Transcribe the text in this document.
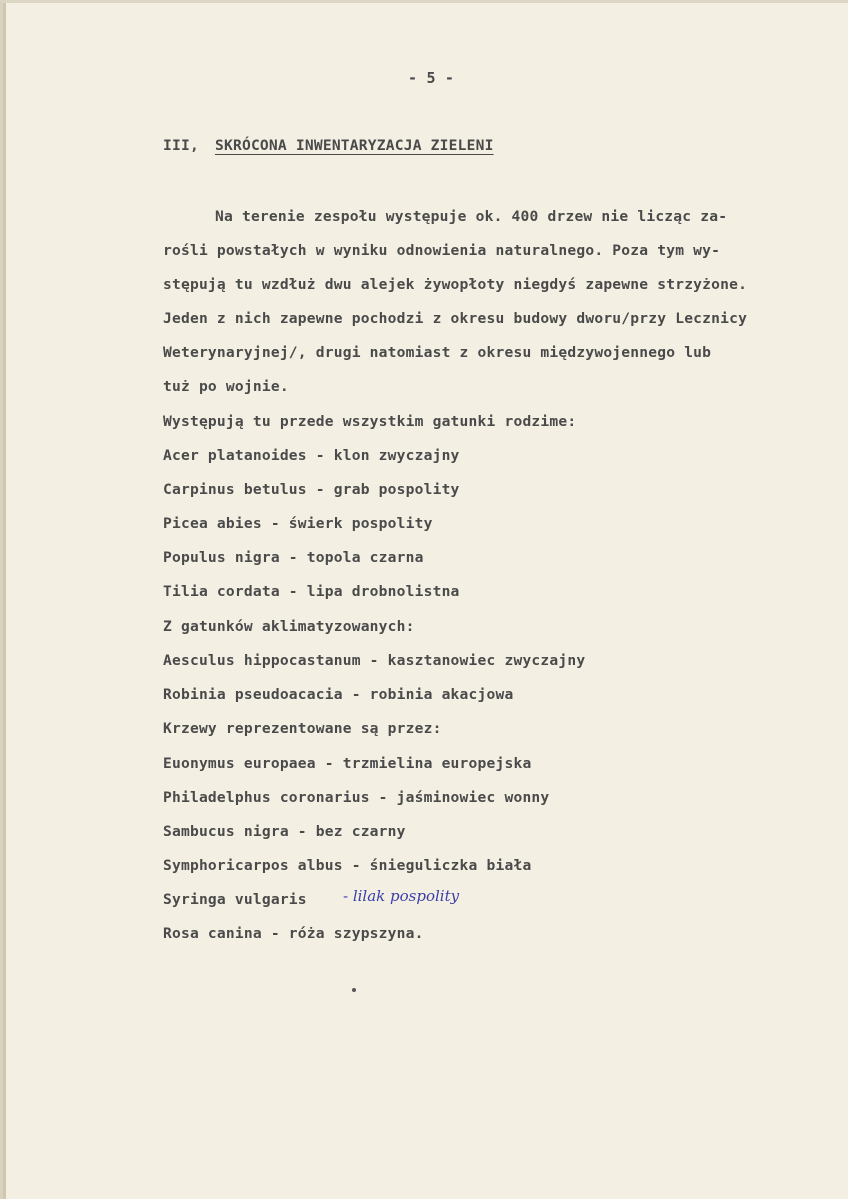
- 5 -
III, SKRÓCONA INWENTARYZACJA ZIELENI
Na terenie zespołu występuje ok. 400 drzew nie licząc za-
rośli powstałych w wyniku odnowienia naturalnego. Poza tym wy-
stępują tu wzdłuż dwu alejek żywopłoty niegdyś zapewne strzyżone.
Jeden z nich zapewne pochodzi z okresu budowy dworu/przy Lecznicy
Weterynaryjnej/, drugi natomiast z okresu międzywojennego lub
tuż po wojnie.
Występują tu przede wszystkim gatunki rodzime:
Acer platanoides - klon zwyczajny
Carpinus betulus - grab pospolity
Picea abies - świerk pospolity
Populus nigra - topola czarna
Tilia cordata - lipa drobnolistna
Z gatunków aklimatyzowanych:
Aesculus hippocastanum - kasztanowiec zwyczajny
Robinia pseudoacacia - robinia akacjowa
Krzewy reprezentowane są przez:
Euonymus europaea - trzmielina europejska
Philadelphus coronarius - jaśminowiec wonny
Sambucus nigra - bez czarny
Symphoricarpos albus - śnieguliczka biała
Syringa vulgaris - lilak pospolity
Rosa canina - róża szypszyna.
